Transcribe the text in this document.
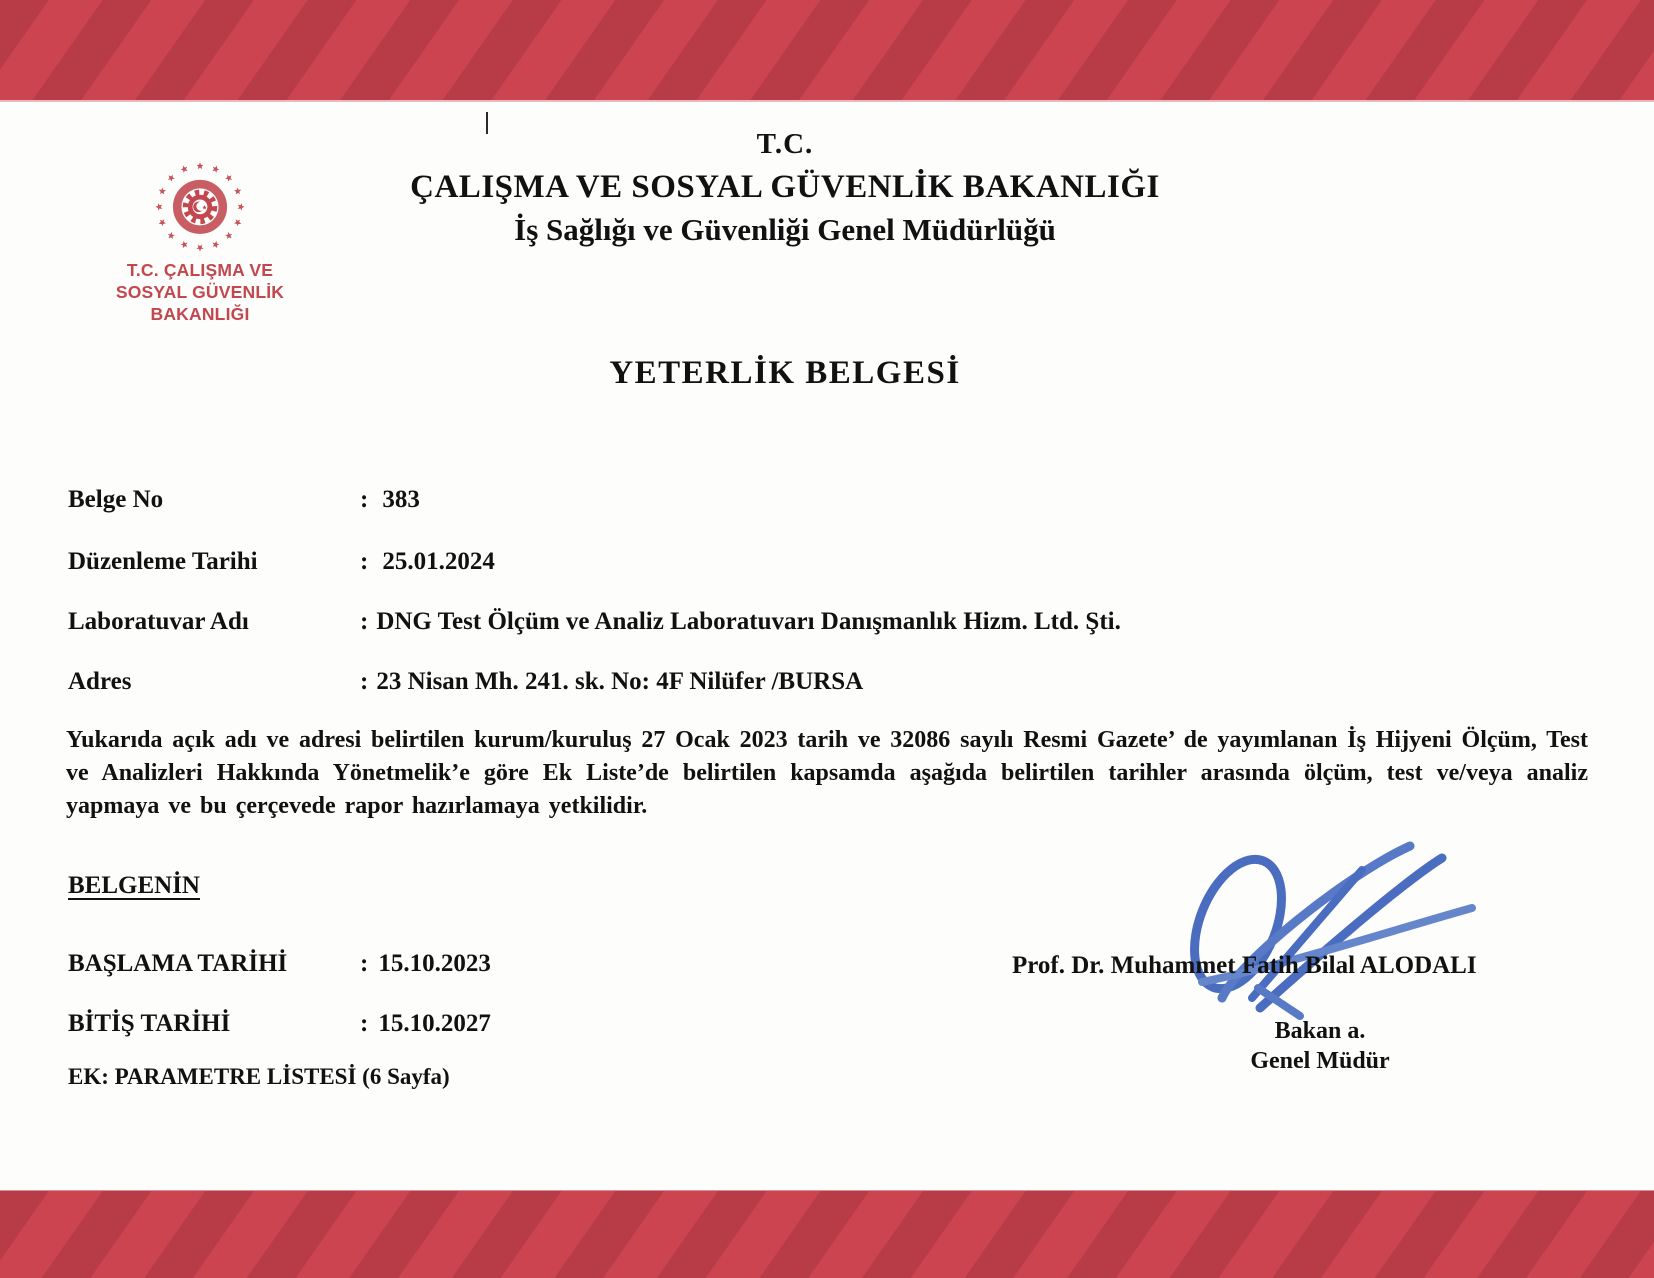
T.C. ÇALIŞMA VE
SOSYAL GÜVENLİK BAKANLIĞI
T.C.
ÇALIŞMA VE SOSYAL GÜVENLİK BAKANLIĞI
İş Sağlığı ve Güvenliği Genel Müdürlüğü
YETERLİK BELGESİ
Belge No	: 383
Düzenleme Tarihi	: 25.01.2024
Laboratuvar Adı	: DNG Test Ölçüm ve Analiz Laboratuvarı Danışmanlık Hizm. Ltd. Şti.
Adres	: 23 Nisan Mh. 241. sk. No: 4F Nilüfer /BURSA
Yukarıda açık adı ve adresi belirtilen kurum/kuruluş 27 Ocak 2023 tarih ve 32086 sayılı Resmi Gazete’ de yayımlanan İş Hijyeni Ölçüm, Test ve Analizleri Hakkında Yönetmelik’e göre Ek Liste’de belirtilen kapsamda aşağıda belirtilen tarihler arasında ölçüm, test ve/veya analiz yapmaya ve bu çerçevede rapor hazırlamaya yetkilidir.
BELGENİN
BAŞLAMA TARİHİ	: 15.10.2023
BİTİŞ TARİHİ	: 15.10.2027
EK: PARAMETRE LİSTESİ (6 Sayfa)
Prof. Dr. Muhammet Fatih Bilal ALODALI
Bakan a.
Genel Müdür
